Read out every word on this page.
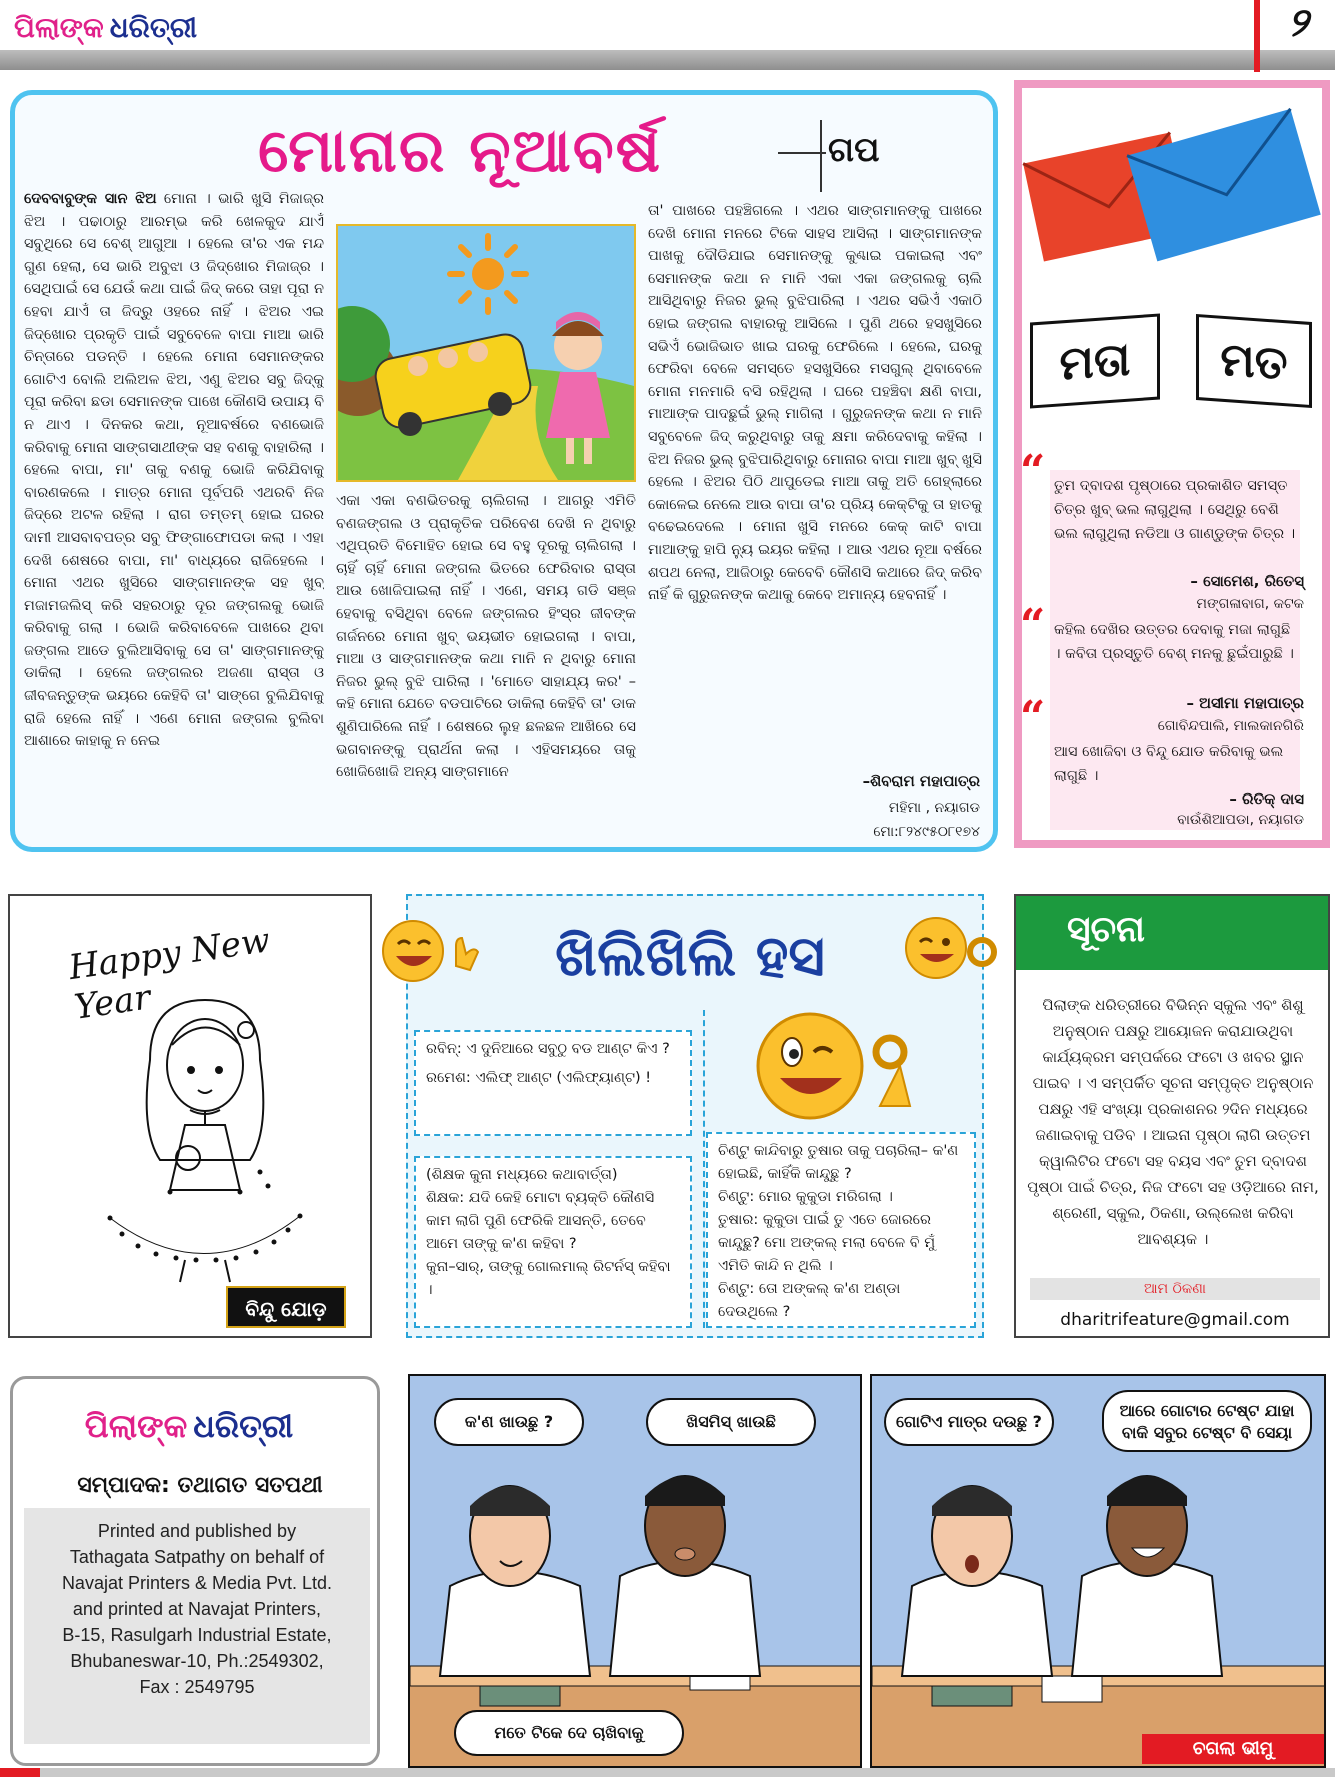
ପିଲାଙ୍କ ଧରିତ୍ରୀ	୨
ମୋନାର ନୂଆବର୍ଷ	ଗପ
ଦେବବାବୁଙ୍କ ସାନ ଝିଅ ମୋନା । ଭାରି ଖୁସି ମିଜାଜ୍‌ର ଝିଅ । ପଢାଠାରୁ ଆରମ୍ଭ କରି ଖେଳକୁଦ ଯାଏଁ ସବୁଥିରେ ସେ ବେଶ୍ ଆଗୁଆ । ହେଲେ ତା'ର ଏକ ମନ୍ଦ ଗୁଣ ହେଲା, ସେ ଭାରି ଅବୁଝା ଓ ଜିଦ୍‌ଖୋର ମିଜାଜ୍‌ର । ସେଥିପାଇଁ ସେ ଯେଉଁ କଥା ପାଇଁ ଜିଦ୍ କରେ ତାହା ପୂରା ନ ହେବା ଯାଏଁ ତା ଜିଦ୍‌ରୁ ଓହରେ ନାହିଁ । ଝିଅର ଏଇ ଜିଦ୍‌ଖୋର ପ୍ରକୃତି ପାଇଁ ସବୁବେଳେ ବାପା ମାଆ ଭାରି ଚିନ୍ତାରେ ପଡନ୍ତି । ହେଲେ ମୋନା ସେମାନଙ୍କର ଗୋଟିଏ ବୋଲି ଅଲିଅଳ ଝିଅ, ଏଣୁ ଝିଅର ସବୁ ଜିଦ୍‌କୁ ପୂରା କରିବା ଛଡା ସେମାନଙ୍କ ପାଖେ କୌଣସି ଉପାୟ ବି ନ ଥାଏ । ଦିନକର କଥା, ନୂଆବର୍ଷରେ ବଣଭୋଜି କରିବାକୁ ମୋନା ସାଙ୍ଗସାଥୀଙ୍କ ସହ ବଣକୁ ବାହାରିଲା । ହେଲେ ବାପା, ମା' ତାକୁ ବଣକୁ ଭୋଜି କରିଯିବାକୁ ବାରଣକଲେ । ମାତ୍ର ମୋନା ପୂର୍ବପରି ଏଥରବି ନିଜ ଜିଦ୍‌ରେ ଅଟଳ ରହିଲା । ରାଗ ତମ୍‌ତମ୍ ହୋଇ ଘରର ଦାମୀ ଆସବାବପତ୍ର ସବୁ ଫିଙ୍ଗାଫୋପଡା କଲା । ଏହା ଦେଖି ଶେଷରେ ବାପା, ମା' ବାଧ୍ୟରେ ରାଜିହେଲେ । ମୋନା ଏଥର ଖୁସିରେ ସାଙ୍ଗମାନଙ୍କ ସହ ଖୁବ୍ ମଜାମଜଲିସ୍ କରି ସହରଠାରୁ ଦୂର ଜଙ୍ଗଲକୁ ଭୋଜି କରିବାକୁ ଗଲା । ଭୋଜି କରିବାବେଳେ ପାଖରେ ଥିବା ଜଙ୍ଗଲ ଆଡେ ବୁଲିଆସିବାକୁ ସେ ତା' ସାଙ୍ଗମାନଙ୍କୁ ଡାକିଲା । ହେଲେ ଜଙ୍ଗଲର ଅଜଣା ରାସ୍ତା ଓ ଜୀବଜନ୍ତୁଙ୍କ ଭୟରେ କେହିବି ତା' ସାଙ୍ଗେ ବୁଲିଯିବାକୁ ରାଜି ହେଲେ ନାହିଁ । ଏଣେ ମୋନା ଜଙ୍ଗଲ ବୁଲିବା ଆଶାରେ କାହାକୁ ନ ନେଇ
ଏକା ଏକା ବଣଭିତରକୁ ଚାଲିଗଲା । ଆଗରୁ ଏମିତି ବଣଜଙ୍ଗଲ ଓ ପ୍ରାକୃତିକ ପରିବେଶ ଦେଖି ନ ଥିବାରୁ ଏଥିପ୍ରତି ବିମୋହିତ ହୋଇ ସେ ବହୁ ଦୂରକୁ ଚାଲିଗଲା । ଚାହିଁ ଚାହିଁ ମୋନା ଜଙ୍ଗଲ ଭିତରେ ଫେରିବାର ରାସ୍ତା ଆଉ ଖୋଜିପାଇଲା ନାହିଁ । ଏଣେ, ସମୟ ଗଡି ସଞ୍ଜ ହେବାକୁ ବସିଥିବା ବେଳେ ଜଙ୍ଗଲର ହିଂସ୍ର ଜୀବଙ୍କ ଗର୍ଜନରେ ମୋନା ଖୁବ୍ ଭୟଭୀତ ହୋଇଗଲା । ବାପା, ମାଆ ଓ ସାଙ୍ଗମାନଙ୍କ କଥା ମାନି ନ ଥିବାରୁ ମୋନା ନିଜର ଭୁଲ୍ ବୁଝି ପାରିଲା । 'ମୋତେ ସାହାଯ୍ୟ କର' – କହି ମୋନା ଯେତେ ବଡପାଟିରେ ଡାକିଲା କେହିବି ତା' ଡାକ ଶୁଣିପାରିଲେ ନାହିଁ । ଶେଷରେ ଲୁହ ଛଳଛଳ ଆଖିରେ ସେ ଭଗବାନଙ୍କୁ ପ୍ରାର୍ଥନା କଲା । ଏହିସମୟରେ ତାକୁ ଖୋଜିଖୋଜି ଅନ୍ୟ ସାଙ୍ଗମାନେ
ତା' ପାଖରେ ପହଞ୍ଚିଗଲେ । ଏଥର ସାଙ୍ଗମାନଙ୍କୁ ପାଖରେ ଦେଖି ମୋନା ମନରେ ଟିକେ ସାହସ ଆସିଲା । ସାଙ୍ଗମାନଙ୍କ ପାଖକୁ ଦୌଡିଯାଇ ସେମାନଙ୍କୁ କୁଣ୍ଢାଇ ପକାଇଲା ଏବଂ ସେମାନଙ୍କ କଥା ନ ମାନି ଏକା ଏକା ଜଙ୍ଗଲକୁ ଚାଲି ଆସିଥିବାରୁ ନିଜର ଭୁଲ୍ ବୁଝିପାରିଲା । ଏଥର ସଭିଏଁ ଏକାଠି ହୋଇ ଜଙ୍ଗଲ ବାହାରକୁ ଆସିଲେ । ପୁଣି ଥରେ ହସଖୁସିରେ ସଭିଏଁ ଭୋଜିଭାତ ଖାଇ ଘରକୁ ଫେରିଲେ । ହେଲେ, ଘରକୁ ଫେରିବା ବେଳେ ସମସ୍ତେ ହସଖୁସିରେ ମସଗୁଲ୍ ଥିବାବେଳେ ମୋନା ମନମାରି ବସି ରହିଥିଲା । ଘରେ ପହଞ୍ଚିବା କ୍ଷଣି ବାପା, ମାଆଙ୍କ ପାଦଛୁଇଁ ଭୁଲ୍ ମାଗିଲା । ଗୁରୁଜନଙ୍କ କଥା ନ ମାନି ସବୁବେଳେ ଜିଦ୍ କରୁଥିବାରୁ ତାକୁ କ୍ଷମା କରିଦେବାକୁ କହିଲା । ଝିଅ ନିଜର ଭୁଲ୍ ବୁଝିପାରିଥିବାରୁ ମୋନାର ବାପା ମାଆ ଖୁବ୍ ଖୁସି ହେଲେ । ଝିଅର ପିଠି ଥାପୁଡେଇ ମାଆ ତାକୁ ଅତି ଗେହ୍ଲାରେ କୋଳେଇ ନେଲେ ଆଉ ବାପା ତା'ର ପ୍ରିୟ କେକ୍‌ଟିକୁ ତା ହାତକୁ ବଢେଇଦେଲେ । ମୋନା ଖୁସି ମନରେ କେକ୍ କାଟି ବାପା ମାଆଙ୍କୁ ହାପି ନ୍ୟୁ ଇୟର କହିଲା । ଆଉ ଏଥର ନୂଆ ବର୍ଷରେ ଶପଥ ନେଲା, ଆଜିଠାରୁ କେବେବି କୌଣସି କଥାରେ ଜିଦ୍ କରିବ ନାହିଁ କି ଗୁରୁଜନଙ୍କ କଥାକୁ କେବେ ଅମାନ୍ୟ ହେବନାହିଁ ।
–ଶିବରାମ ମହାପାତ୍ର
ମହିମା , ନୟାଗଡ
ମୋ:୮୨୪୯୫୦୮୧୭୪
ମତା	ମତ
“ ତୁମ ଦ୍ବାଦଶ ପୃଷ୍ଠାରେ ପ୍ରକାଶିତ ସମସ୍ତ ଚିତ୍ର ଖୁବ୍ ଭଲ ଲାଗୁଥିଲା । ସେଥିରୁ ବେଶି ଭଲ ଲାଗୁଥିଲା ନଡିଆ ଓ ଗାଣ୍ଡୁଙ୍କ ଚିତ୍ର ।
– ସୋମେଶ, ରିତେସ୍
ମଙ୍ଗଳାବାଗ, କଟକ
“ କହିଲ ଦେଖିର ଉତ୍ତର ଦେବାକୁ ମଜା ଲାଗୁଛି । କବିତା ପ୍ରସ୍ତୁତି ବେଶ୍ ମନକୁ ଛୁଇଁପାରୁଛି ।
– ଅସୀମା ମହାପାତ୍ର
ଗୋବିନ୍ଦପାଲି, ମାଲକାନଗିରି
“
ଆସ ଖୋଜିବା ଓ ବିନ୍ଦୁ ଯୋଡ କରିବାକୁ ଭଲ ଲାଗୁଛି ।
– ରିତିକ୍ ଦାସ
ବାଉଁଶିଆପଡା, ନୟାଗଡ
Happy New Year
ବିନ୍ଦୁ ଯୋଡ଼
ଖିଲିଖିଲି ହସ
ରବିନ୍: ଏ ଦୁନିଆରେ ସବୁଠୁ ବଡ ଆଣ୍ଟ କିଏ ?
ରମେଶ: ଏଲିଫ୍ ଆଣ୍ଟ (ଏଲିଫ୍ୟାଣ୍ଟ) !
(ଶିକ୍ଷକ କୁନା ମଧ୍ୟରେ କଥାବାର୍ତ୍ତା)
ଶିକ୍ଷକ: ଯଦି କେହି ମୋଟା ବ୍ୟକ୍ତି କୌଣସି କାମ ଲାଗି ପୁଣି ଫେରିକି ଆସନ୍ତି, ତେବେ ଆମେ ତାଙ୍କୁ କ'ଣ କହିବା ?
କୁନା–ସାର୍, ତାଙ୍କୁ ଗୋଲମାଲ୍ ରିଟର୍ନସ୍ କହିବା ।
ଚିଣ୍ଟୁ କାନ୍ଦିବାରୁ ତୁଷାର ତାକୁ ପଚାରିଲା– କ'ଣ ହୋଇଛି, କାହିଁକି କାନ୍ଦୁଛୁ ?
ଚିଣ୍ଟୁ: ମୋର କୁକୁଡା ମରିଗଲା ।
ତୁଷାର: କୁକୁଡା ପାଇଁ ତୁ ଏତେ ଜୋରରେ କାନ୍ଦୁଛୁ? ମୋ ଅଙ୍କଲ୍ ମଲା ବେଳେ ବି ମୁଁ ଏମିତି କାନ୍ଦି ନ ଥିଲି ।
ଚିଣ୍ଟୁ: ତୋ ଅଙ୍କଲ୍ କ'ଣ ଅଣ୍ଡା ଦେଉଥିଲେ ?
ସୂଚନା
ପିଲାଙ୍କ ଧରିତ୍ରୀରେ ବିଭିନ୍ନ ସ୍କୁଲ ଏବଂ ଶିଶୁ ଅନୁଷ୍ଠାନ ପକ୍ଷରୁ ଆୟୋଜନ କରାଯାଉଥିବା କାର୍ଯ୍ୟକ୍ରମ ସମ୍ପର୍କରେ ଫଟୋ ଓ ଖବର ସ୍ଥାନ ପାଇବ । ଏ ସମ୍ପର୍କିତ ସୂଚନା ସମ୍ପୃକ୍ତ ଅନୁଷ୍ଠାନ ପକ୍ଷରୁ ଏହି ସଂଖ୍ୟା ପ୍ରକାଶନର ୨ଦିନ ମଧ୍ୟରେ ଜଣାଇବାକୁ ପଡିବ । ଆଇନା ପୃଷ୍ଠା ଲାଗି ଉତ୍ତମ କ୍ୱାଲିଟିର ଫଟୋ ସହ ବୟସ ଏବଂ ତୁମ ଦ୍ବାଦଶ ପୃଷ୍ଠା ପାଇଁ ଚିତ୍ର, ନିଜ ଫଟୋ ସହ ଓଡ଼ିଆରେ ନାମ, ଶ୍ରେଣୀ, ସ୍କୁଲ, ଠିକଣା, ଉଲ୍ଲେଖ କରିବା ଆବଶ୍ୟକ ।
ଆମ ଠିକଣା
dharitrifeature@gmail.com
ପିଲାଙ୍କ ଧରିତ୍ରୀ
ସମ୍ପାଦକ: ତଥାଗତ ସତପଥୀ
Printed and published by
Tathagata Satpathy on behalf of
Navajat Printers & Media Pvt. Ltd.
and printed at Navajat Printers,
B-15, Rasulgarh Industrial Estate,
Bhubaneswar-10, Ph.:2549302,
Fax : 2549795
କ'ଣ ଖାଉଛୁ ?	ଖିସମିସ୍ ଖାଉଛି
ମତେ ଟିକେ ଦେ ଚାଖିବାକୁ
ଗୋଟିଏ ମାତ୍ର ଦଉଛୁ ?
ଆରେ ଗୋଟାର ଟେଷ୍ଟ ଯାହା ବାକି ସବୁର ଟେଷ୍ଟ ବି ସେୟା
ଚଗଲା ଭୀମୁ
